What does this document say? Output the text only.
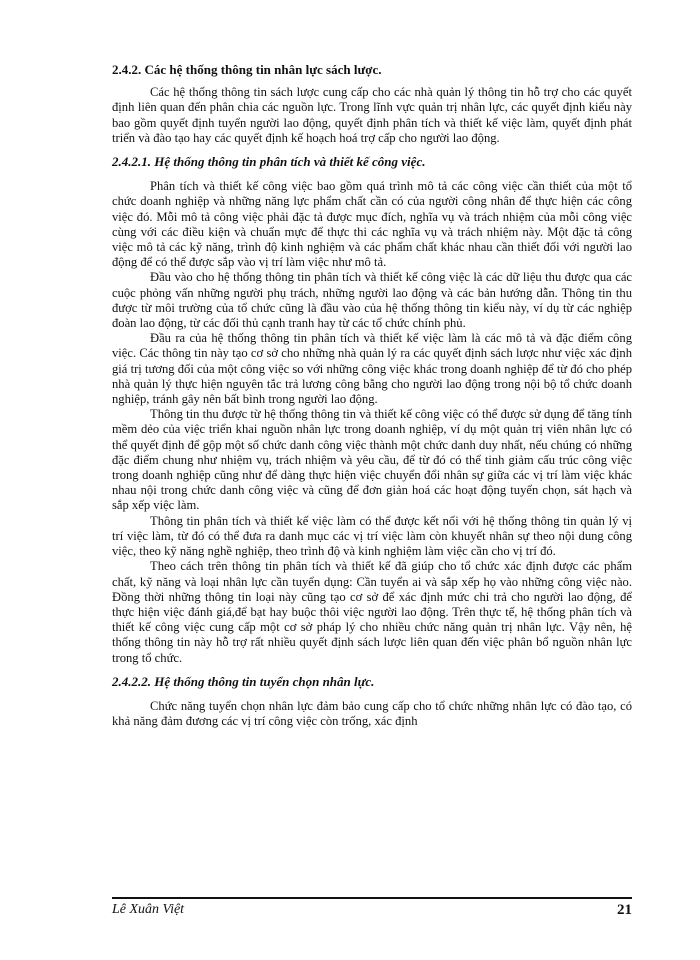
2.4.2. Các hệ thống thông tin nhân lực sách lược.

Các hệ thống thông tin sách lược cung cấp cho các nhà quản lý thông tin hỗ trợ cho các quyết định liên quan đến phân chia các nguồn lực. Trong lĩnh vực quản trị nhân lực, các quyết định kiểu này bao gồm quyết định tuyển người lao động, quyết định phân tích và thiết kế việc làm, quyết định phát triển và đào tạo hay các quyết định kế hoạch hoá trợ cấp cho người lao động.

2.4.2.1. Hệ thống thông tin phân tích và thiết kế công việc.

Phân tích và thiết kế công việc bao gồm quá trình mô tả các công việc cần thiết của một tổ chức doanh nghiệp và những năng lực phẩm chất cần có của người công nhân để thực hiện các công việc đó. Mỗi mô tả công việc phải đặc tả được mục đích, nghĩa vụ và trách nhiệm của mỗi công việc cùng với các điều kiện và chuẩn mực để thực thi các nghĩa vụ và trách nhiệm này. Một đặc tả công việc mô tả các kỹ năng, trình độ kinh nghiệm và các phẩm chất khác nhau cần thiết đối với người lao động để có thể được sắp vào vị trí làm việc như mô tả.

Đầu vào cho hệ thống thông tin phân tích và thiết kế công việc là các dữ liệu thu được qua các cuộc phỏng vấn những người phụ trách, những người lao động và các bản hướng dẫn. Thông tin thu được từ môi trường của tổ chức cũng là đầu vào của hệ thống thông tin kiểu này, ví dụ từ các nghiệp đoàn lao động, từ các đối thủ cạnh tranh hay từ các tổ chức chính phủ.

Đầu ra của hệ thống thông tin phân tích và thiết kế việc làm là các mô tả và đặc điểm công việc. Các thông tin này tạo cơ sở cho những nhà quản lý ra các quyết định sách lược như việc xác định giá trị tương đối của một công việc so với những công việc khác trong doanh nghiệp để từ đó cho phép nhà quản lý thực hiện nguyên tắc trả lương công bằng cho người lao động trong nội bộ tổ chức doanh nghiệp, tránh gây nên bất bình trong người lao động.

Thông tin thu được từ hệ thống thông tin và thiết kế công việc có thể được sử dụng để tăng tính mềm dẻo của việc triển khai nguồn nhân lực trong doanh nghiệp, ví dụ một quản trị viên nhân lực có thể quyết định để gộp một số chức danh công việc thành một chức danh duy nhất, nếu chúng có những đặc điểm chung như nhiệm vụ, trách nhiệm và yêu cầu, để từ đó có thể tinh giảm cấu trúc công việc trong doanh nghiệp cũng như để dàng thực hiện việc chuyển đổi nhân sự giữa các vị trí làm việc khác nhau nội trong chức danh công việc và cũng để đơn giản hoá các hoạt động tuyển chọn, sát hạch và sắp xếp việc làm.

Thông tin phân tích và thiết kế việc làm có thể được kết nối với hệ thống thông tin quản lý vị trí việc làm, từ đó có thể đưa ra danh mục các vị trí việc làm còn khuyết nhân sự theo nội dung công việc, theo kỹ năng nghề nghiệp, theo trình độ và kinh nghiệm làm việc cần cho vị trí đó.

Theo cách trên thông tin phân tích và thiết kế đã giúp cho tổ chức xác định được các phẩm chất, kỹ năng và loại nhân lực cần tuyển dụng: Cần tuyển ai và sắp xếp họ vào những công việc nào. Đồng thời những thông tin loại này cũng tạo cơ sở để xác định mức chi trả cho người lao động, để thực hiện việc đánh giá,để bạt hay buộc thôi việc người lao động. Trên thực tế, hệ thống phân tích và thiết kế công việc cung cấp một cơ sở pháp lý cho nhiều chức năng quản trị nhân lực. Vậy nên, hệ thống thông tin này hỗ trợ rất nhiều quyết định sách lược liên quan đến việc phân bổ nguồn nhân lực trong tổ chức.

2.4.2.2. Hệ thống thông tin tuyển chọn nhân lực.

Chức năng tuyển chọn nhân lực đảm bảo cung cấp cho tổ chức những nhân lực có đào tạo, có khả năng đảm đương các vị trí công việc còn trống, xác định

Lê Xuân Việt	21
